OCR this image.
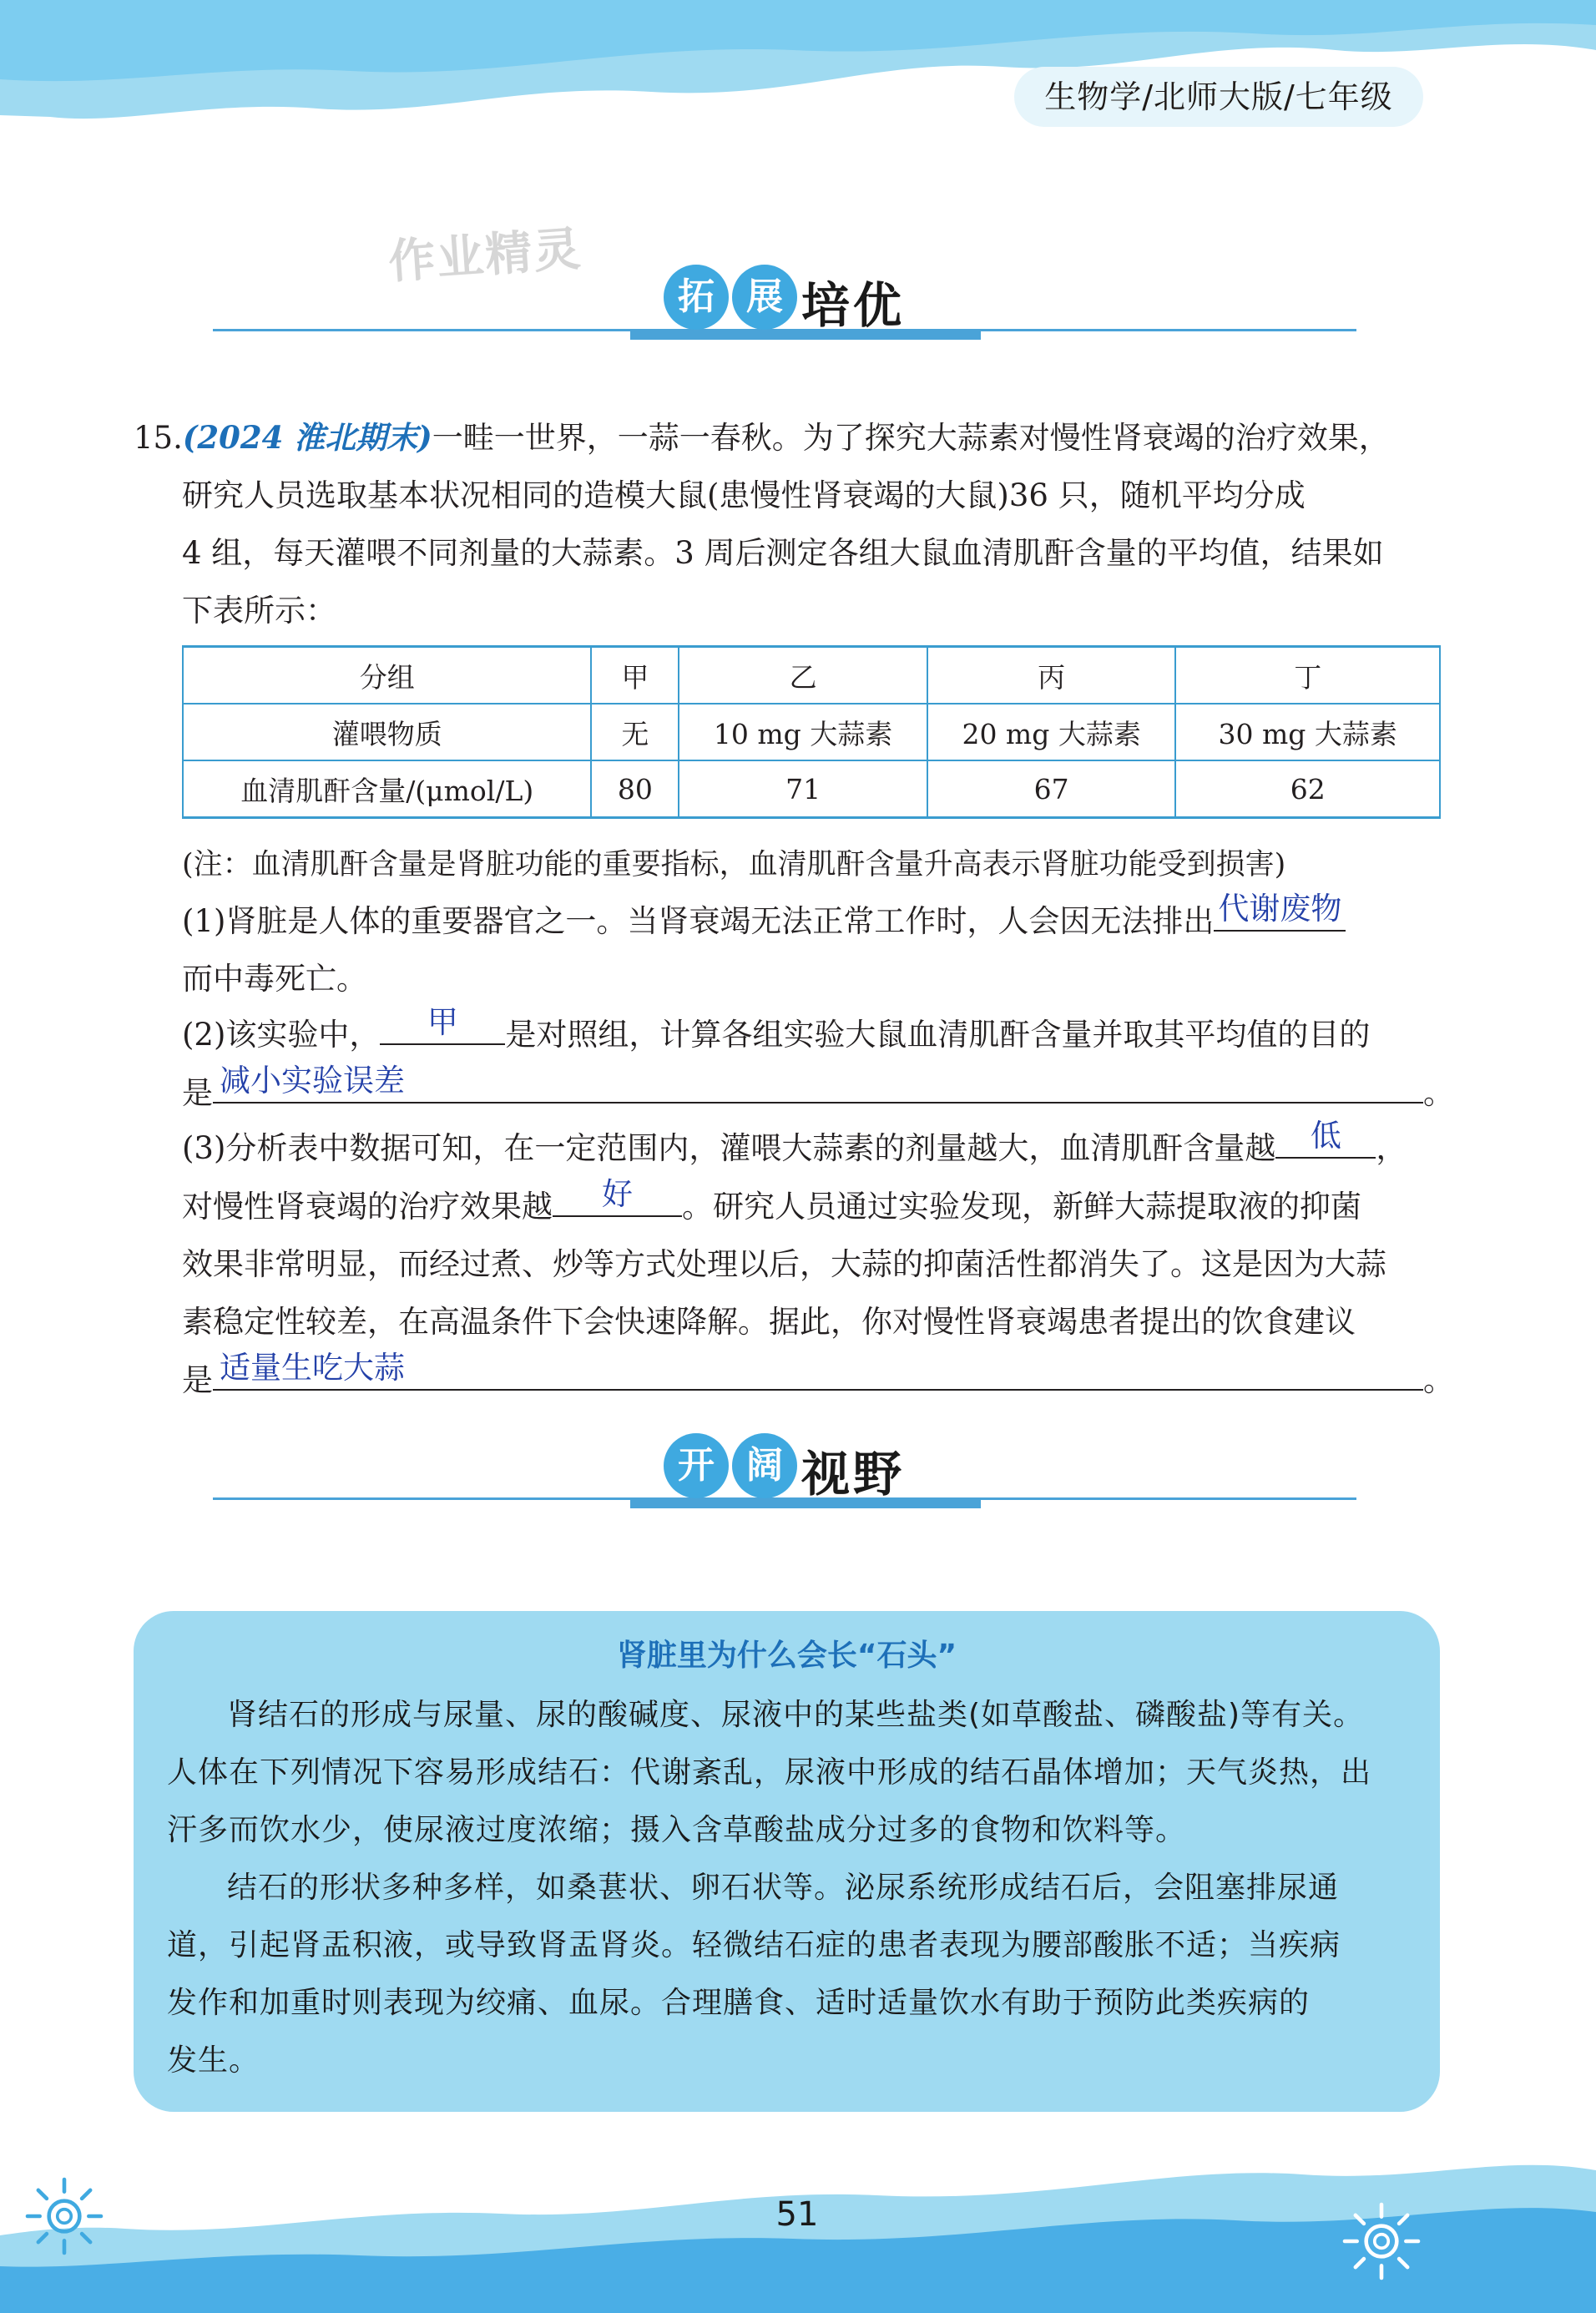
生物学/北师大版/七年级
作业精灵
拓 展 培优
15.(2024 淮北期末)一畦一世界，一蒜一春秋。为了探究大蒜素对慢性肾衰竭的治疗效果，
研究人员选取基本状况相同的造模大鼠(患慢性肾衰竭的大鼠)36 只，随机平均分成
4 组，每天灌喂不同剂量的大蒜素。3 周后测定各组大鼠血清肌酐含量的平均值，结果如
下表所示：
分组	甲	乙	丙	丁
灌喂物质	无	10 mg 大蒜素	20 mg 大蒜素	30 mg 大蒜素
血清肌酐含量/(μmol/L)	80	71	67	62
(注：血清肌酐含量是肾脏功能的重要指标，血清肌酐含量升高表示肾脏功能受到损害)
(1)肾脏是人体的重要器官之一。当肾衰竭无法正常工作时，人会因无法排出 代谢废物
而中毒死亡。
(2)该实验中，	甲	是对照组，计算各组实验大鼠血清肌酐含量并取其平均值的目的
是 减小实验误差	。
(3)分析表中数据可知，在一定范围内，灌喂大蒜素的剂量越大，血清肌酐含量越	低	，
对慢性肾衰竭的治疗效果越	好	。研究人员通过实验发现，新鲜大蒜提取液的抑菌
效果非常明显，而经过煮、炒等方式处理以后，大蒜的抑菌活性都消失了。这是因为大蒜
素稳定性较差，在高温条件下会快速降解。据此，你对慢性肾衰竭患者提出的饮食建议
是 适量生吃大蒜	。
开 阔 视野
肾脏里为什么会长“石头”
肾结石的形成与尿量、尿的酸碱度、尿液中的某些盐类(如草酸盐、磷酸盐)等有关。
人体在下列情况下容易形成结石：代谢紊乱，尿液中形成的结石晶体增加；天气炎热，出
汗多而饮水少，使尿液过度浓缩；摄入含草酸盐成分过多的食物和饮料等。
结石的形状多种多样，如桑葚状、卵石状等。泌尿系统形成结石后，会阻塞排尿通
道，引起肾盂积液，或导致肾盂肾炎。轻微结石症的患者表现为腰部酸胀不适；当疾病
发作和加重时则表现为绞痛、血尿。合理膳食、适时适量饮水有助于预防此类疾病的
发生。
51
